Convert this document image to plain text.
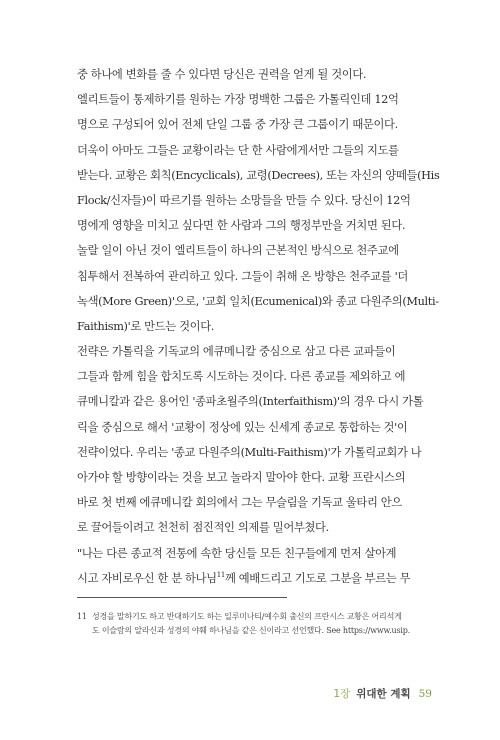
중 하나에 변화를 줄 수 있다면 당신은 권력을 얻게 될 것이다.
엘리트들이 통제하기를 원하는 가장 명백한 그룹은 가톨릭인데 12억
명으로 구성되어 있어 전체 단일 그룹 중 가장 큰 그룹이기 때문이다.
더욱이 아마도 그들은 교황이라는 단 한 사람에게서만 그들의 지도를
받는다. 교황은 회칙(Encyclicals), 교령(Decrees), 또는 자신의 양떼들(His
Flock/신자들)이 따르기를 원하는 소망들을 만들 수 있다. 당신이 12억
명에게 영향을 미치고 싶다면 한 사람과 그의 행정부만을 거치면 된다.
놀랄 일이 아닌 것이 엘리트들이 하나의 근본적인 방식으로 천주교에
침투해서 전복하여 관리하고 있다. 그들이 취해 온 방향은 천주교를 '더
녹색(More Green)'으로, '교회 일치(Ecumenical)와 종교 다원주의(Multi-
Faithism)'로 만드는 것이다.
전략은 가톨릭을 기독교의 에큐메니칼 중심으로 삼고 다른 교파들이
그들과 함께 힘을 합치도록 시도하는 것이다. 다른 종교를 제외하고 에
큐메니칼과 같은 용어인 '종파초월주의(Interfaithism)'의 경우 다시 가톨
릭을 중심으로 해서 '교황이 정상에 있는 신세계 종교로 통합하는 것'이
전략이었다. 우리는 '종교 다원주의(Multi-Faithism)'가 가톨릭교회가 나
아가야 할 방향이라는 것을 보고 놀라지 말아야 한다. 교황 프란시스의
바로 첫 번째 에큐메니칼 회의에서 그는 무슬림을 기독교 울타리 안으
로 끌어들이려고 천천히 점진적인 의제를 밀어부쳤다.
"나는 다른 종교적 전통에 속한 당신들 모든 친구들에게 먼저 살아계
시고 자비로우신 한 분 하나님$^{11}$께 예배드리고 기도로 그분을 부르는 무
11 성경을 말하기도 하고 반대하기도 하는 일루미나티/예수회 출신의 프란시스 교황은 어리석게
도 이슬람의 알라신과 성경의 야훼 하나님을 같은 신이라고 선언했다. See https://www.usip.
1장 위대한 계획 59
